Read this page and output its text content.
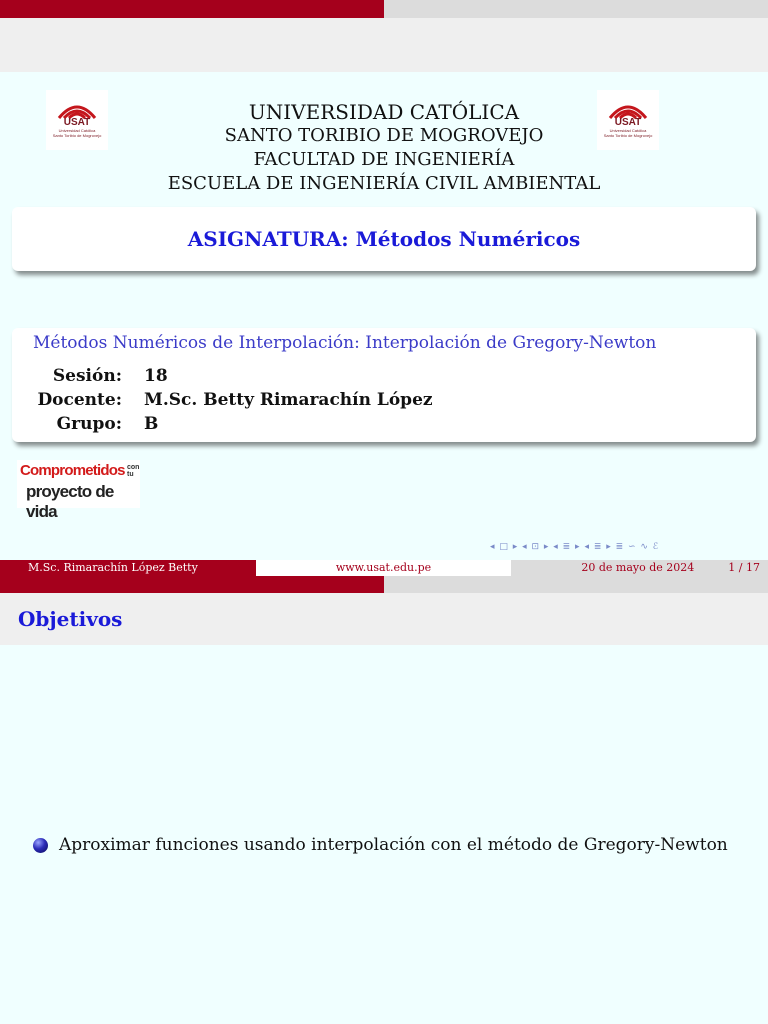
USAT
Universidad Católica
Santo Toribio de Mogrovejo
USAT
Universidad Católica
Santo Toribio de Mogrovejo
UNIVERSIDAD CATÓLICA
SANTO TORIBIO DE MOGROVEJO
FACULTAD DE INGENIERÍA
ESCUELA DE INGENIERÍA CIVIL AMBIENTAL
ASIGNATURA: Métodos Numéricos
Métodos Numéricos de Interpolación: Interpolación de Gregory-Newton
Sesión: 18
Docente: M.Sc. Betty Rimarachín López
Grupo: B
Comprometidos con tu
proyecto de vida
◂ □ ▸ ◂ ⊡ ▸ ◂ ≣ ▸ ◂ ≣ ▸ ≣ ∽ ∿ ℰ
M.Sc. Rimarachín López Betty	www.usat.edu.pe	20 de mayo de 2024	1 / 17
Objetivos
Aproximar funciones usando interpolación con el método de Gregory-Newton
